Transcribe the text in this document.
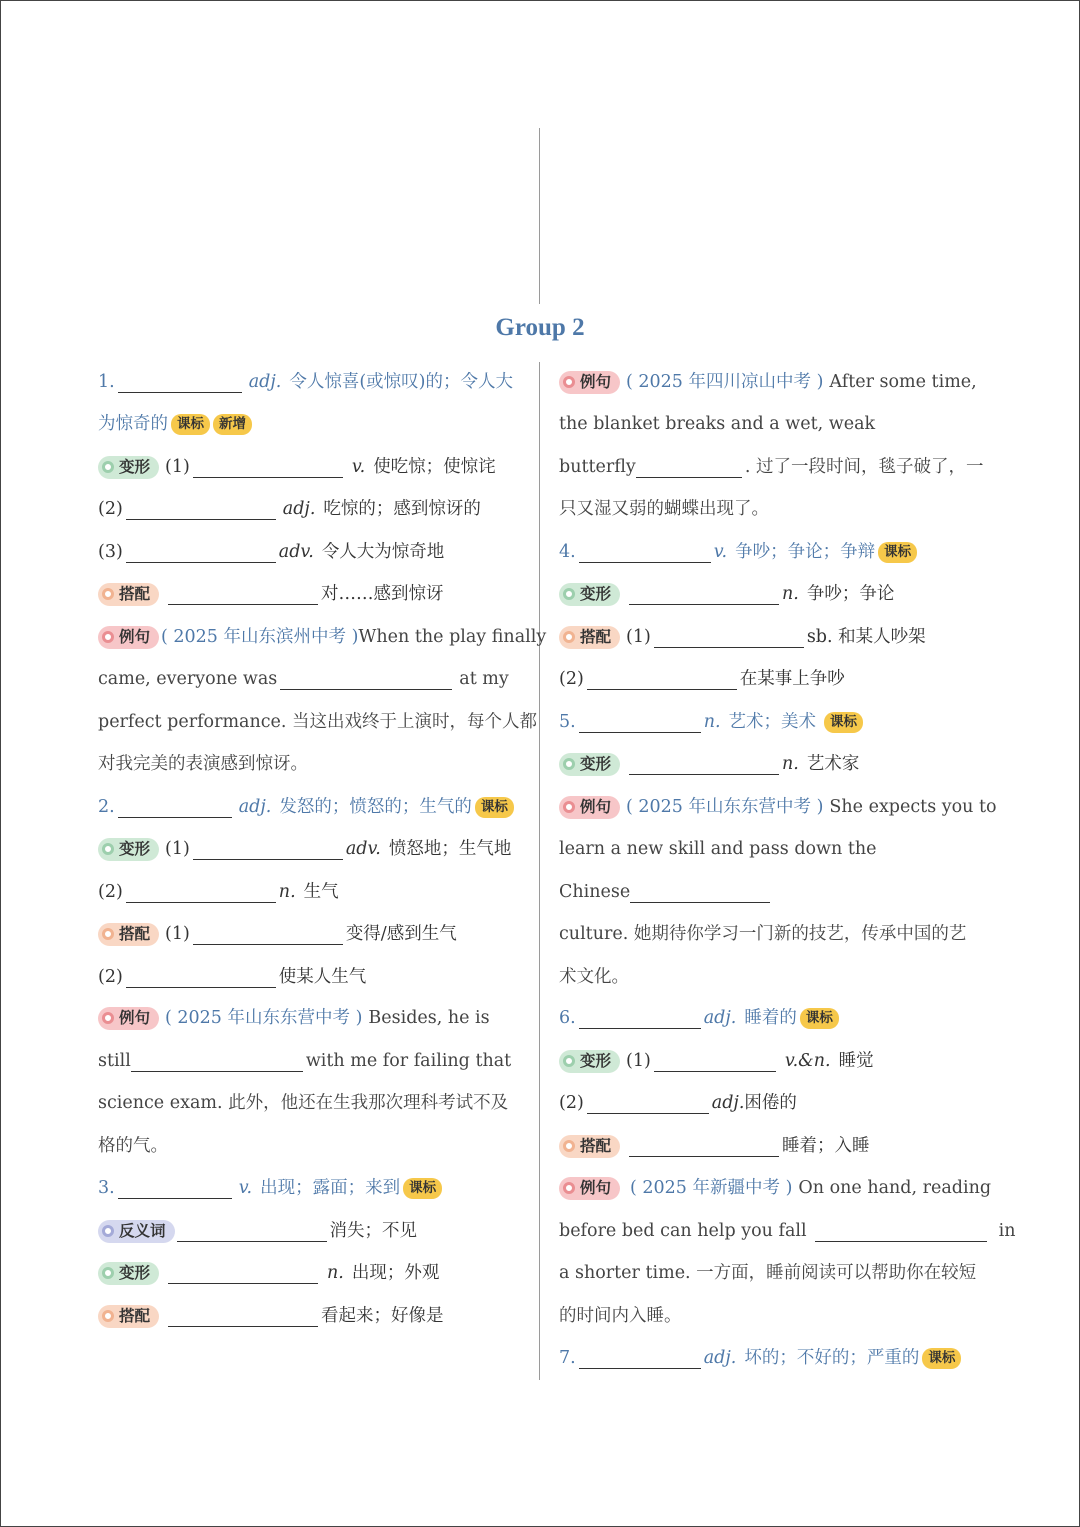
Group 2
1.	adj. 令人惊喜(或惊叹)的；令人大
为惊奇的 课标	新增
变形 (1)	v. 使吃惊；使惊诧
(2)	adj. 吃惊的；感到惊讶的
(3)	adv. 令人大为惊奇地
搭配	对……感到惊讶
例句 ( 2025 年山东滨州中考 ) When the play finally
came, everyone was	at my
perfect performance. 当这出戏终于上演时，每个人都
对我完美的表演感到惊讶。
2.	adj. 发怒的；愤怒的；生气的 课标
变形 (1)	adv. 愤怒地；生气地
(2)	n. 生气
搭配 (1)	变得/感到生气
(2)	使某人生气
例句 ( 2025 年山东东营中考 ) Besides, he is
still	with me for failing that
science exam. 此外，他还在生我那次理科考试不及
格的气。
3.	v. 出现；露面；来到 课标
反义词	消失；不见
变形	n. 出现；外观
搭配	看起来；好像是
例句 ( 2025 年四川凉山中考 ) After some time,
the blanket breaks and a wet, weak
butterfly	. 过了一段时间，毯子破了，一
只又湿又弱的蝴蝶出现了。
4.	v. 争吵；争论；争辩 课标
变形	n. 争吵；争论
搭配 (1)	sb. 和某人吵架
(2)	在某事上争吵
5.	n. 艺术；美术	课标
变形	n. 艺术家
例句 ( 2025 年山东东营中考 ) She expects you to
learn a new skill and pass down the
Chinese
culture. 她期待你学习一门新的技艺，传承中国的艺
术文化。
6.	adj. 睡着的 课标
变形 (1)	v.&n. 睡觉
(2)	adj. 困倦的
搭配	睡着；入睡
例句 ( 2025 年新疆中考 ) On one hand, reading
before bed can help you fall	in
a shorter time. 一方面，睡前阅读可以帮助你在较短
的时间内入睡。
7.	adj. 坏的；不好的；严重的 课标
